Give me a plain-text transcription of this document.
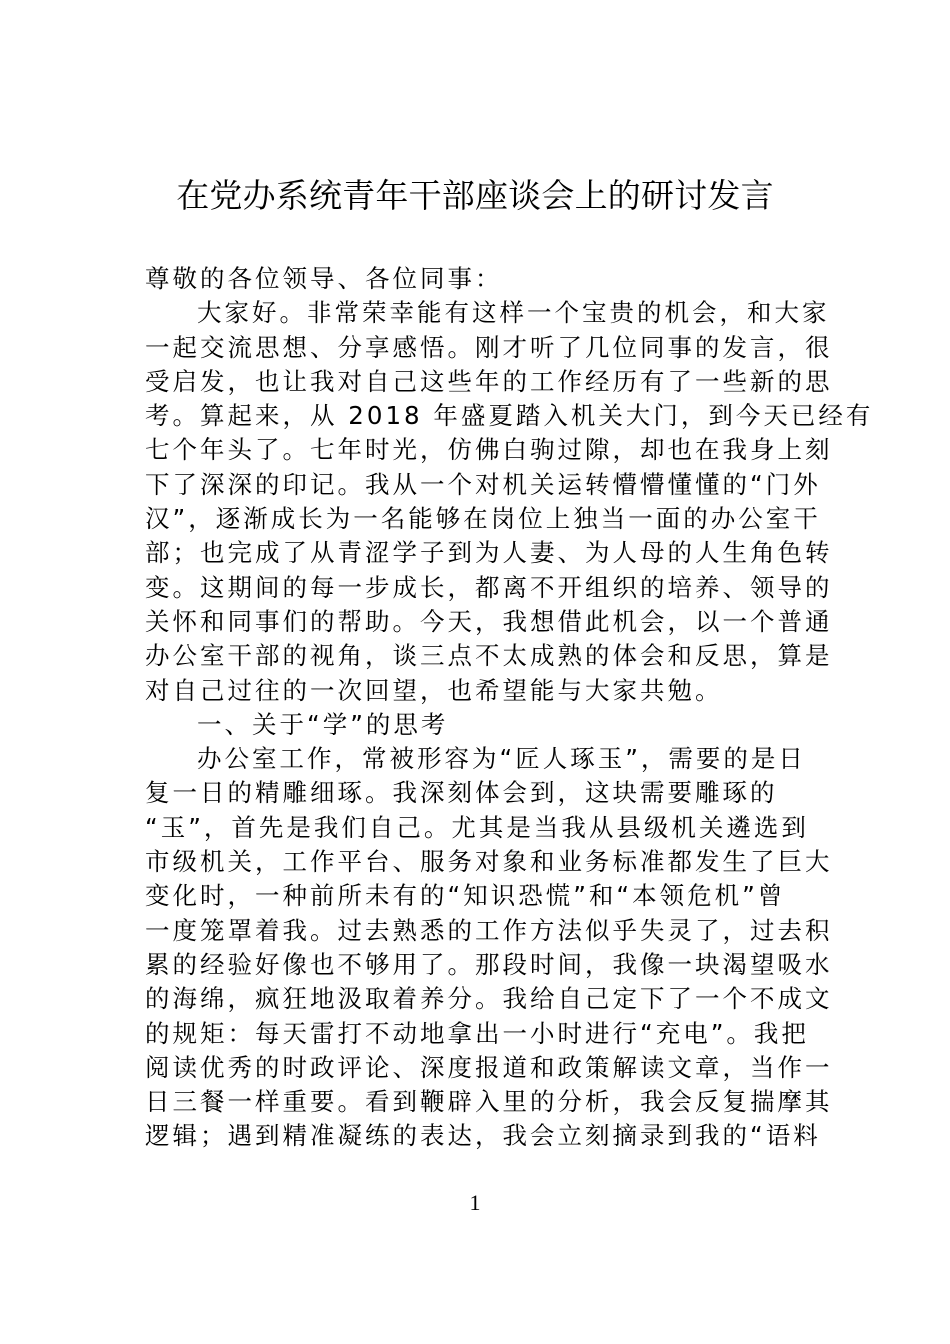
在党办系统青年干部座谈会上的研讨发言
尊敬的各位领导、各位同事：
大家好。非常荣幸能有这样一个宝贵的机会，和大家
一起交流思想、分享感悟。刚才听了几位同事的发言，很
受启发，也让我对自己这些年的工作经历有了一些新的思
考。算起来，从 2018 年盛夏踏入机关大门，到今天已经有
七个年头了。七年时光，仿佛白驹过隙，却也在我身上刻
下了深深的印记。我从一个对机关运转懵懵懂懂的“门外
汉”，逐渐成长为一名能够在岗位上独当一面的办公室干
部；也完成了从青涩学子到为人妻、为人母的人生角色转
变。这期间的每一步成长，都离不开组织的培养、领导的
关怀和同事们的帮助。今天，我想借此机会，以一个普通
办公室干部的视角，谈三点不太成熟的体会和反思，算是
对自己过往的一次回望，也希望能与大家共勉。
一、关于“学”的思考
办公室工作，常被形容为“匠人琢玉”，需要的是日
复一日的精雕细琢。我深刻体会到，这块需要雕琢的
“玉”，首先是我们自己。尤其是当我从县级机关遴选到
市级机关，工作平台、服务对象和业务标准都发生了巨大
变化时，一种前所未有的“知识恐慌”和“本领危机”曾
一度笼罩着我。过去熟悉的工作方法似乎失灵了，过去积
累的经验好像也不够用了。那段时间，我像一块渴望吸水
的海绵，疯狂地汲取着养分。我给自己定下了一个不成文
的规矩：每天雷打不动地拿出一小时进行“充电”。我把
阅读优秀的时政评论、深度报道和政策解读文章，当作一
日三餐一样重要。看到鞭辟入里的分析，我会反复揣摩其
逻辑；遇到精准凝练的表达，我会立刻摘录到我的“语料
1
